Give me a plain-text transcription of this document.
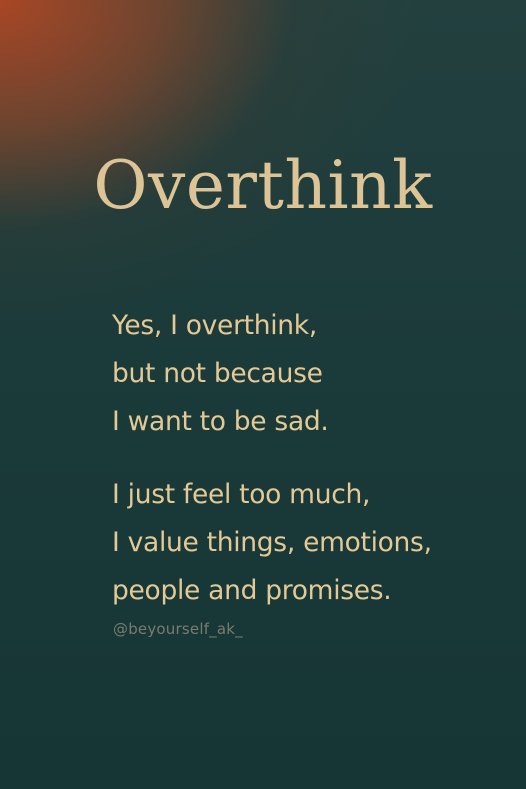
Overthink

Yes, I overthink,
but not because
I want to be sad.

I just feel too much,
I value things, emotions,
people and promises.

@beyourself_ak_
